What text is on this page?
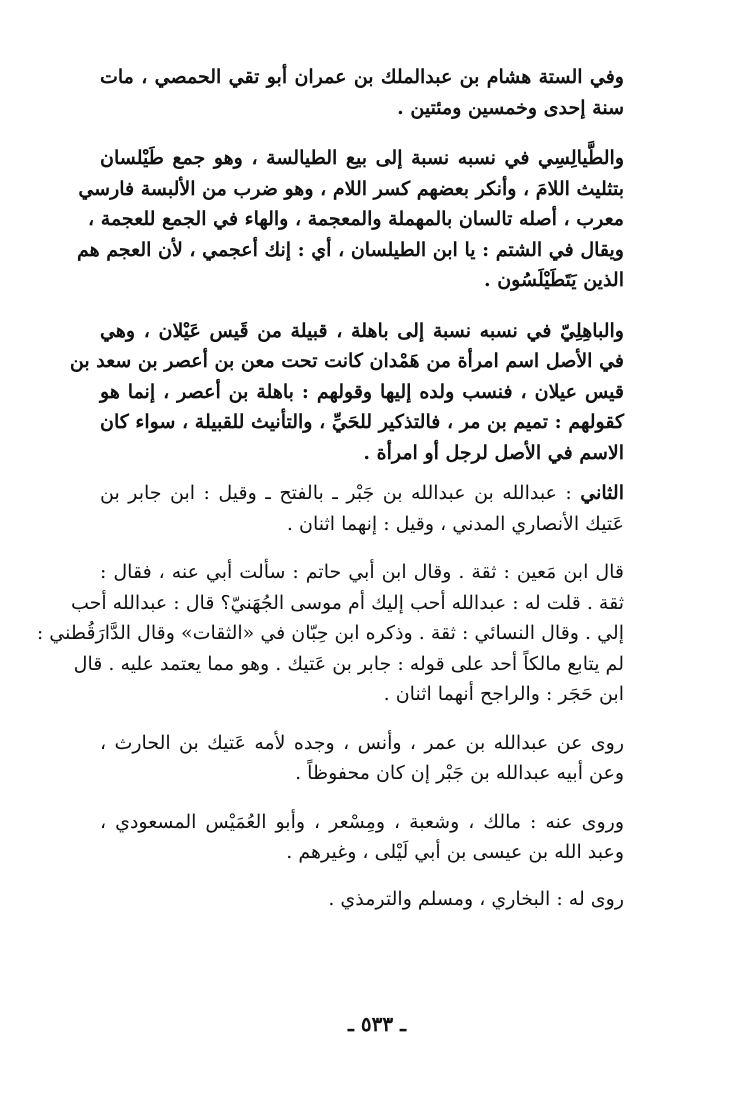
وفي الستة هشام بن عبدالملك بن عمران أبو تقي الحمصي ، مات
سنة إحدى وخمسين ومئتين .

والطَّيالِسِي في نسبه نسبة إلى بيع الطيالسة ، وهو جمع طَيْلسان
بتثليث اللامَ ، وأنكر بعضهم كسر اللام ، وهو ضرب من الألبسة فارسي
معرب ، أصله تالسان بالمهملة والمعجمة ، والهاء في الجمع للعجمة ،
ويقال في الشتم : يا ابن الطيلسان ، أي : إنك أعجمي ، لأن العجم هم
الذين يَتَطَيْلَسُون .

والباهِلِيّ في نسبه نسبة إلى باهلة ، قبيلة من قَيس عَيْلان ، وهي
في الأصل اسم امرأة من هَمْدان كانت تحت معن بن أعصر بن سعد بن
قيس عيلان ، فنسب ولده إليها وقولهم : باهلة بن أعصر ، إنما هو
كقولهم : تميم بن مر ، فالتذكير للحَيِّ ، والتأنيث للقبيلة ، سواء كان
الاسم في الأصل لرجل أو امرأة .

الثاني : عبدالله بن عبدالله بن جَبْر ـ بالفتح ـ وقيل : ابن جابر بن
عَتيك الأنصاري المدني ، وقيل : إنهما اثنان .

قال ابن مَعين : ثقة . وقال ابن أبي حاتم : سألت أبي عنه ، فقال :
ثقة . قلت له : عبدالله أحب إليك أم موسى الجُهَنيّ؟ قال : عبدالله أحب
إلي . وقال النسائي : ثقة . وذكره ابن حِبّان في «الثقات» وقال الدَّارَقُطني :
لم يتابع مالكاً أحد على قوله : جابر بن عَتيك . وهو مما يعتمد عليه . قال
ابن حَجَر : والراجح أنهما اثنان .

روى عن عبدالله بن عمر ، وأنس ، وجده لأمه عَتيك بن الحارث ،
وعن أبيه عبدالله بن جَبْر إن كان محفوظاً .

وروى عنه : مالك ، وشعبة ، ومِسْعر ، وأبو العُمَيْس المسعودي ،
وعبد الله بن عيسى بن أبي لَيْلى ، وغيرهم .

روى له : البخاري ، ومسلم والترمذي .

ـ ٥٣٣ ـ
